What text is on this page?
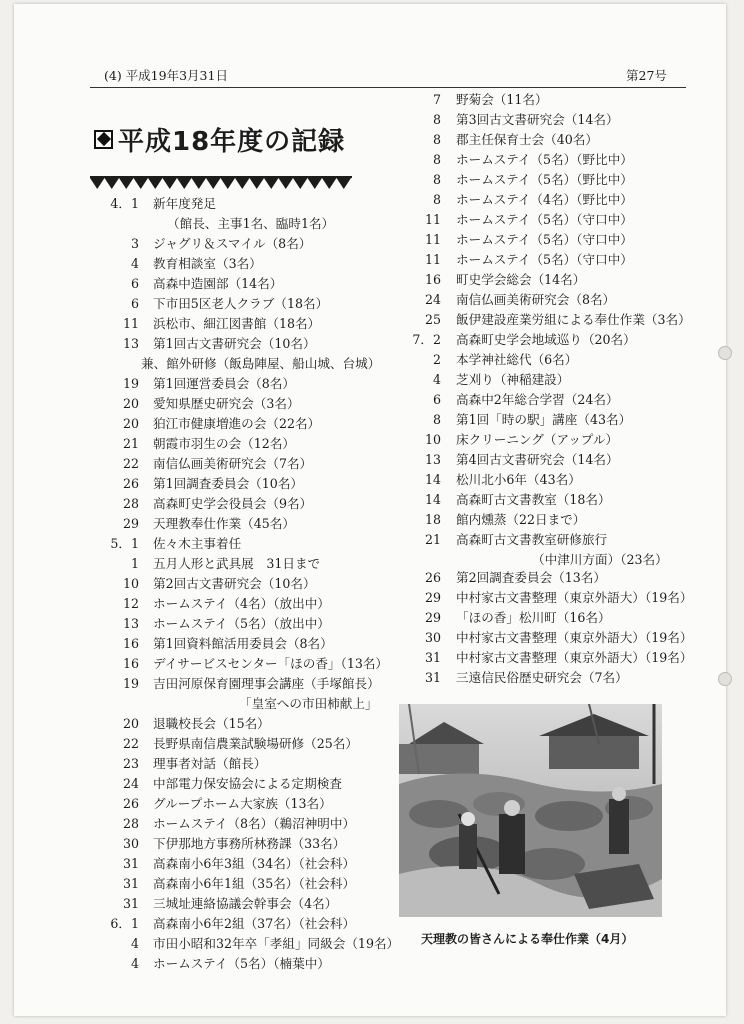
(4) 平成19年3月31日	第27号
平成18年度の記録
4．1 新年度発足
（館長、主事1名、臨時1名）
3 ジャグリ＆スマイル（8名）
4 教育相談室（3名）
6 高森中造園部（14名）
6 下市田5区老人クラブ（18名）
11 浜松市、細江図書館（18名）
13 第1回古文書研究会（10名）
兼、館外研修（飯島陣屋、船山城、台城）
19 第1回運営委員会（8名）
20 愛知県歴史研究会（3名）
20 狛江市健康増進の会（22名）
21 朝霞市羽生の会（12名）
22 南信仏画美術研究会（7名）
26 第1回調査委員会（10名）
28 高森町史学会役員会（9名）
29 天理教奉仕作業（45名）
5．1 佐々木主事着任
1 五月人形と武具展　31日まで
10 第2回古文書研究会（10名）
12 ホームステイ（4名）（放出中）
13 ホームステイ（5名）（放出中）
16 第1回資料館活用委員会（8名）
16 デイサービスセンター「ほの香」（13名）
19 吉田河原保育園理事会講座（手塚館長）
「皇室への市田柿献上」
20 退職校長会（15名）
22 長野県南信農業試験場研修（25名）
23 理事者対話（館長）
24 中部電力保安協会による定期検査
26 グループホーム大家族（13名）
28 ホームステイ（8名）（鵜沼神明中）
30 下伊那地方事務所林務課（33名）
31 高森南小6年3組（34名）（社会科）
31 高森南小6年1組（35名）（社会科）
31 三城址連絡協議会幹事会（4名）
6．1 高森南小6年2組（37名）（社会科）
4 市田小昭和32年卒「孝組」同級会（19名）
4 ホームステイ（5名）（楠葉中）
7 野菊会（11名）
8 第3回古文書研究会（14名）
8 郡主任保育士会（40名）
8 ホームステイ（5名）（野比中）
8 ホームステイ（5名）（野比中）
8 ホームステイ（4名）（野比中）
11 ホームステイ（5名）（守口中）
11 ホームステイ（5名）（守口中）
11 ホームステイ（5名）（守口中）
16 町史学会総会（14名）
24 南信仏画美術研究会（8名）
25 飯伊建設産業労組による奉仕作業（3名）
7．2 高森町史学会地域巡り（20名）
2 本学神社総代（6名）
4 芝刈り（神稲建設）
6 高森中2年総合学習（24名）
8 第1回「時の駅」講座（43名）
10 床クリーニング（アップル）
13 第4回古文書研究会（14名）
14 松川北小6年（43名）
14 高森町古文書教室（18名）
18 館内燻蒸（22日まで）
21 高森町古文書教室研修旅行
（中津川方面）（23名）
26 第2回調査委員会（13名）
29 中村家古文書整理（東京外語大）（19名）
29 「ほの香」松川町（16名）
30 中村家古文書整理（東京外語大）（19名）
31 中村家古文書整理（東京外語大）（19名）
31 三遠信民俗歴史研究会（7名）
天理教の皆さんによる奉仕作業（4月）
